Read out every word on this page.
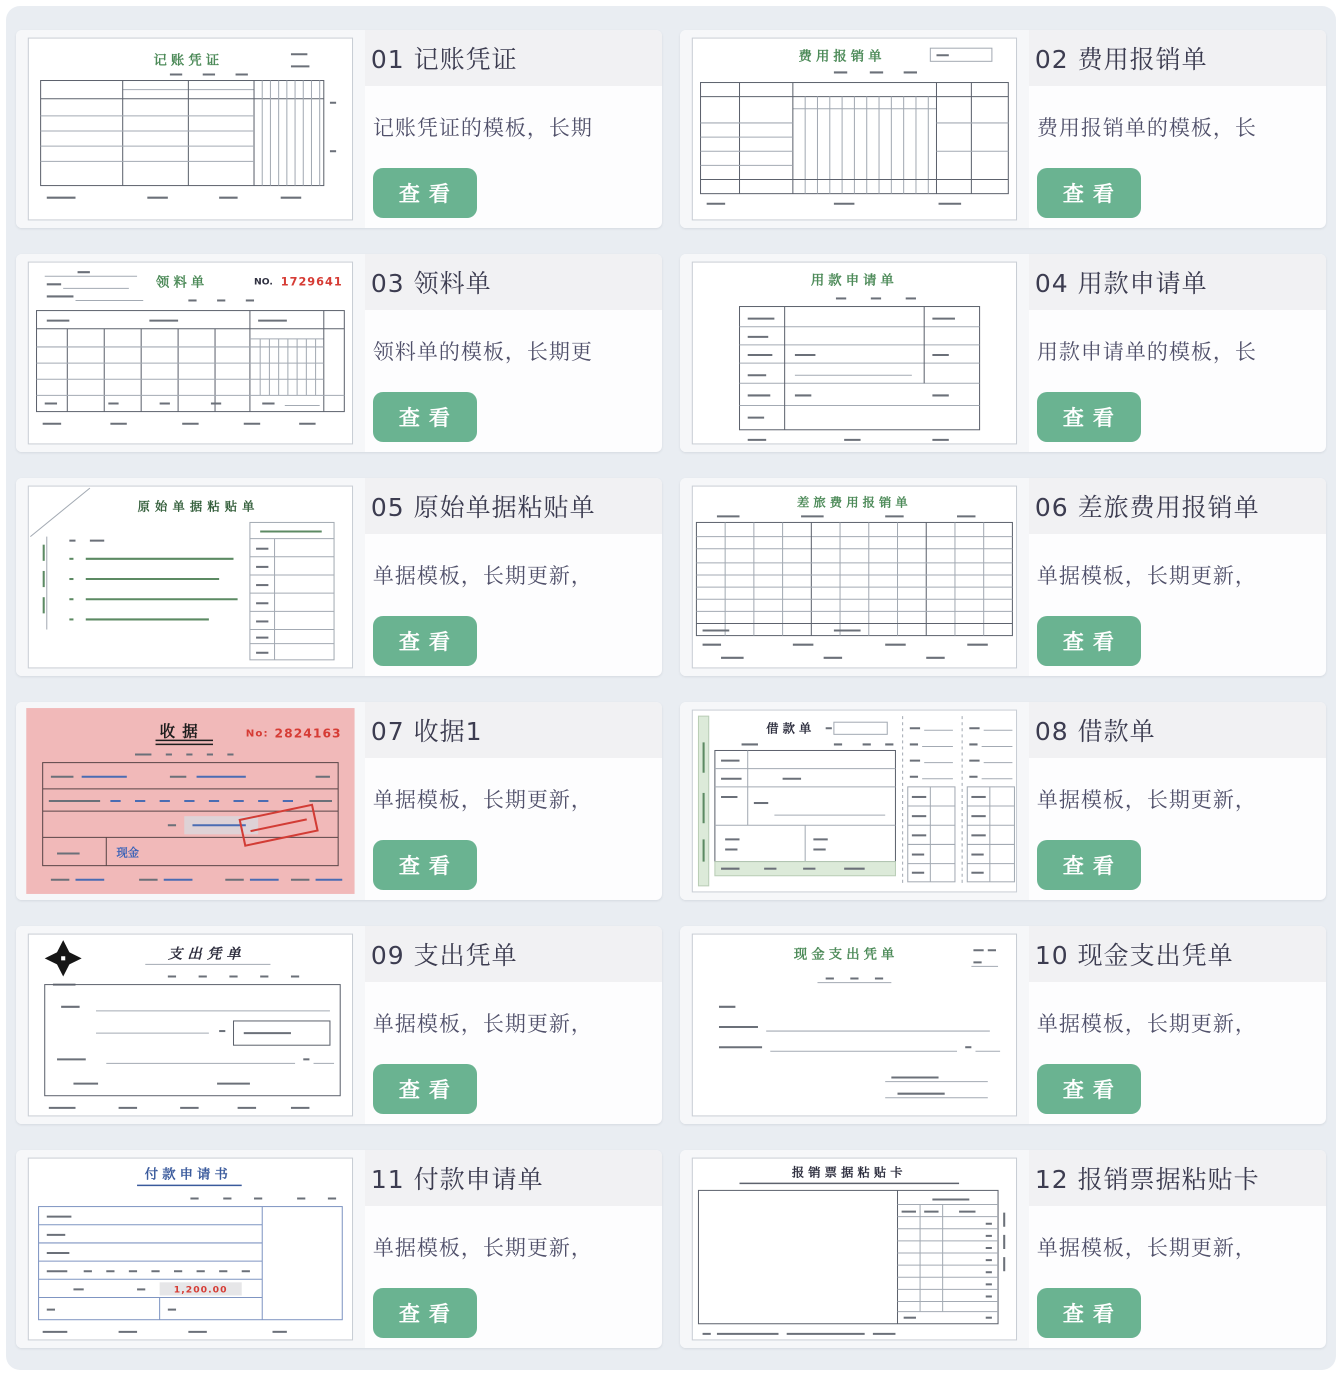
记账凭证	01 记账凭证

记账凭证的模板，长期

查看
费用报销单	02 费用报销单

费用报销单的模板，长

查看
领料单	NO. 1729641 03 领料单

领料单的模板，长期更

查看
用款申请单	04 用款申请单

用款申请单的模板，长

查看
原始单据粘贴单	05 原始单据粘贴单

单据模板，长期更新，

查看
差旅费用报销单	06 差旅费用报销单

单据模板，长期更新，

查看
收据	No: 2824163
现金
07 收据1

单据模板，长期更新，

查看
借款单	08 借款单

单据模板，长期更新，

查看
支出凭单	09 支出凭单

单据模板，长期更新，

查看
现金支出凭单	10 现金支出凭单

单据模板，长期更新，

查看
付款申请书
1,200.00
11 付款申请单

单据模板，长期更新，

查看
报销票据粘贴卡	12 报销票据粘贴卡

单据模板，长期更新，

查看
